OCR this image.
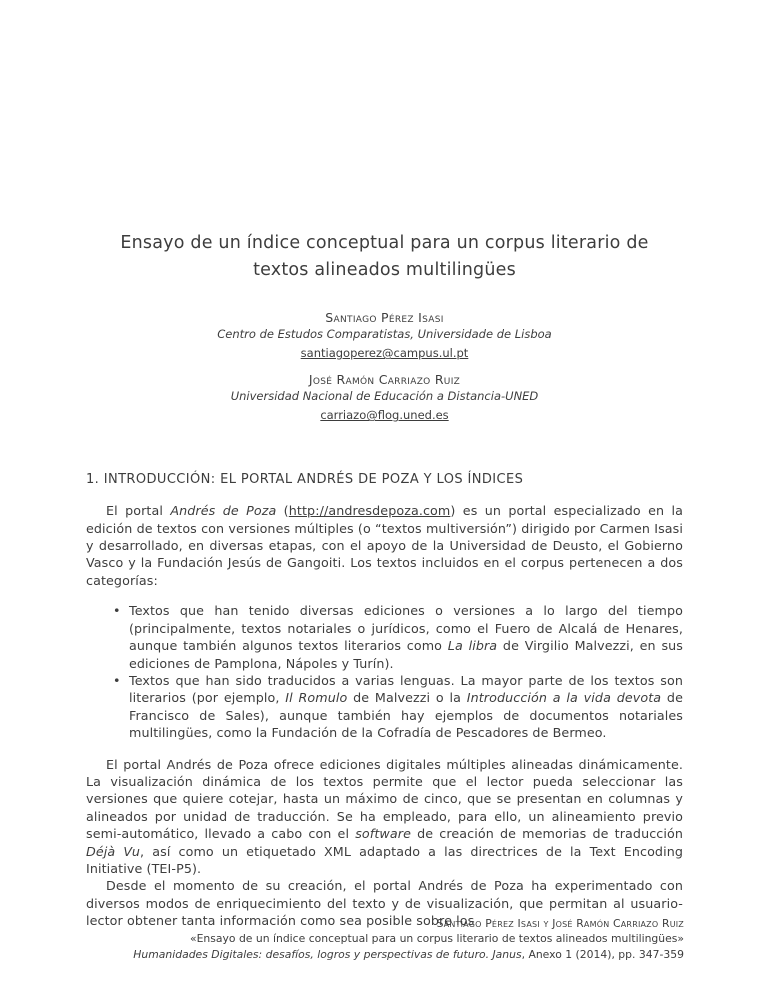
Ensayo de un índice conceptual para un corpus literario de textos alineados multilingües
Santiago Pérez Isasi
Centro de Estudos Comparatistas, Universidade de Lisboa
santiagoperez@campus.ul.pt
José Ramón Carriazo Ruiz
Universidad Nacional de Educación a Distancia-UNED
carriazo@flog.uned.es
1. INTRODUCCIÓN: EL PORTAL ANDRÉS DE POZA Y LOS ÍNDICES

El portal Andrés de Poza (http://andresdepoza.com) es un portal especializado en la edición de textos con versiones múltiples (o “textos multiversión”) dirigido por Carmen Isasi y desarrollado, en diversas etapas, con el apoyo de la Universidad de Deusto, el Gobierno Vasco y la Fundación Jesús de Gangoiti. Los textos incluidos en el corpus pertenecen a dos categorías:

• Textos que han tenido diversas ediciones o versiones a lo largo del tiempo (principalmente, textos notariales o jurídicos, como el Fuero de Alcalá de Henares, aunque también algunos textos literarios como La libra de Virgilio Malvezzi, en sus ediciones de Pamplona, Nápoles y Turín).
• Textos que han sido traducidos a varias lenguas. La mayor parte de los textos son literarios (por ejemplo, Il Romulo de Malvezzi o la Introducción a la vida devota de Francisco de Sales), aunque también hay ejemplos de documentos notariales multilingües, como la Fundación de la Cofradía de Pescadores de Bermeo.

El portal Andrés de Poza ofrece ediciones digitales múltiples alineadas dinámicamente. La visualización dinámica de los textos permite que el lector pueda seleccionar las versiones que quiere cotejar, hasta un máximo de cinco, que se presentan en columnas y alineados por unidad de traducción. Se ha empleado, para ello, un alineamiento previo semi-automático, llevado a cabo con el software de creación de memorias de traducción Déjà Vu, así como un etiquetado XML adaptado a las directrices de la Text Encoding Initiative (TEI-P5).

Desde el momento de su creación, el portal Andrés de Poza ha experimentado con diversos modos de enriquecimiento del texto y de visualización, que permitan al usuario-lector obtener tanta información como sea posible sobre los

Santiago Pérez Isasi y José Ramón Carriazo Ruiz
«Ensayo de un índice conceptual para un corpus literario de textos alineados multilingües»
Humanidades Digitales: desafíos, logros y perspectivas de futuro. Janus, Anexo 1 (2014), pp. 347-359
